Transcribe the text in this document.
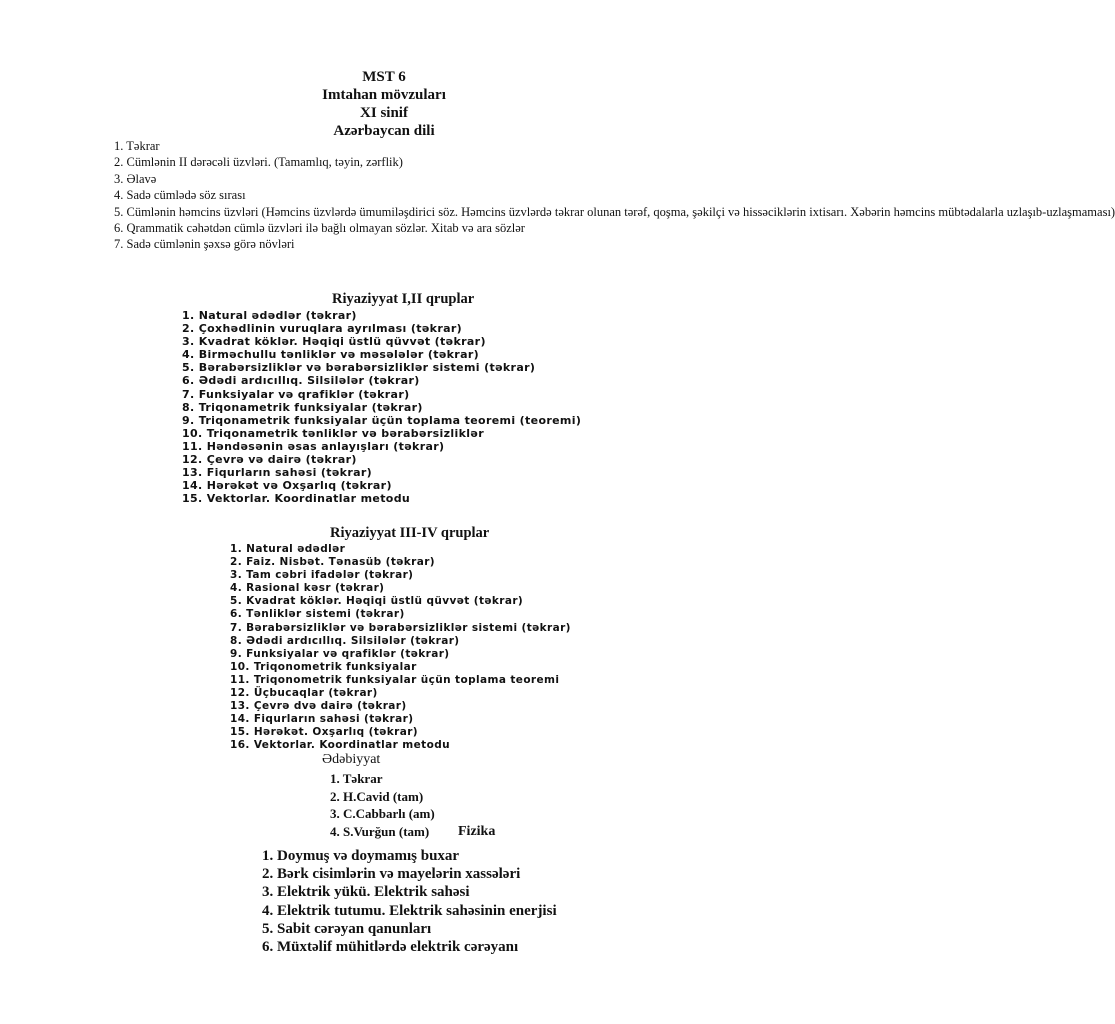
MST 6
Imtahan mövzuları
XI sinif
Azərbaycan dili
1. Təkrar
2. Cümlənin II dərəcəli üzvləri. (Tamamlıq, təyin, zərflik)
3. Əlavə
4. Sadə cümlədə söz sırası
5. Cümlənin həmcins üzvləri (Həmcins üzvlərdə ümumiləşdirici söz. Həmcins üzvlərdə təkrar olunan tərəf, qoşma, şəkilçi və hissəciklərin ixtisarı. Xəbərin həmcins mübtədalarla uzlaşıb-uzlaşmaması)
6. Qrammatik cəhətdən cümlə üzvləri ilə bağlı olmayan sözlər. Xitab və ara sözlər
7. Sadə cümlənin şəxsə görə növləri
Riyaziyyat I,II qruplar
1. Natural ədədlər (təkrar)
2. Çoxhədlinin vuruqlara ayrılması (təkrar)
3. Kvadrat köklər. Həqiqi üstlü qüvvət (təkrar)
4. Birməchullu tənliklər və məsələlər (təkrar)
5. Bərabərsizliklər və bərabərsizliklər sistemi (təkrar)
6. Ədədi ardıcıllıq. Silsilələr (təkrar)
7. Funksiyalar və qrafiklər (təkrar)
8. Triqonametrik funksiyalar (təkrar)
9. Triqonametrik funksiyalar üçün toplama teoremi (teoremi)
10. Triqonametrik tənliklər və bərabərsizliklər
11. Həndəsənin əsas anlayışları (təkrar)
12. Çevrə və dairə (təkrar)
13. Fiqurların sahəsi (təkrar)
14. Hərəkət və Oxşarlıq (təkrar)
15. Vektorlar. Koordinatlar metodu
Riyaziyyat III-IV qruplar
1. Natural ədədlər
2. Faiz. Nisbət. Tənasüb (təkrar)
3. Tam cəbri ifadələr (təkrar)
4. Rasional kəsr (təkrar)
5. Kvadrat köklər. Həqiqi üstlü qüvvət (təkrar)
6. Tənliklər sistemi (təkrar)
7. Bərabərsizliklər və bərabərsizliklər sistemi (təkrar)
8. Ədədi ardıcıllıq. Silsilələr (təkrar)
9. Funksiyalar və qrafiklər (təkrar)
10. Triqonometrik funksiyalar
11. Triqonometrik funksiyalar üçün toplama teoremi
12. Üçbucaqlar (təkrar)
13. Çevrə dvə dairə (təkrar)
14. Fiqurların sahəsi (təkrar)
15. Hərəkət. Oxşarlıq (təkrar)
16. Vektorlar. Koordinatlar metodu
Ədəbiyyat
1. Təkrar
2. H.Cavid (tam)
3. C.Cabbarlı (am)
4. S.Vurğun (tam)	Fizika
1. Doymuş və doymamış buxar
2. Bərk cisimlərin və mayelərin xassələri
3. Elektrik yükü. Elektrik sahəsi
4. Elektrik tutumu. Elektrik sahəsinin enerjisi
5. Sabit cərəyan qanunları
6. Müxtəlif mühitlərdə elektrik cərəyanı
